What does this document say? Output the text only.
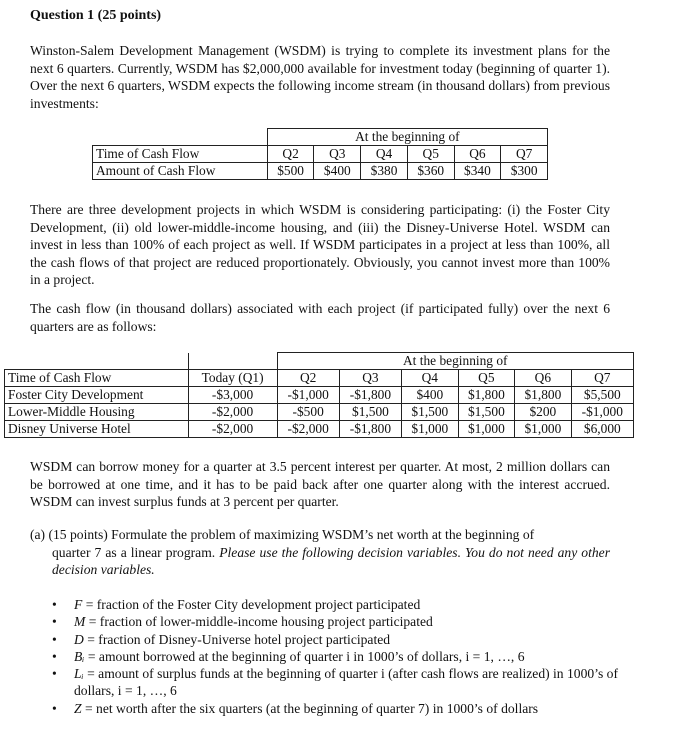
Question 1 (25 points)
Winston-Salem Development Management (WSDM) is trying to complete its investment plans for the next 6 quarters. Currently, WSDM has $2,000,000 available for investment today (beginning of quarter 1). Over the next 6 quarters, WSDM expects the following income stream (in thousand dollars) from previous investments:
	At the beginning of					
Time of Cash Flow	Q2	Q3	Q4	Q5	Q6	Q7
Amount of Cash Flow	$500	$400	$380	$360	$340	$300
There are three development projects in which WSDM is considering participating: (i) the Foster City Development, (ii) old lower-middle-income housing, and (iii) the Disney-Universe Hotel. WSDM can invest in less than 100% of each project as well. If WSDM participates in a project at less than 100%, all the cash flows of that project are reduced proportionately. Obviously, you cannot invest more than 100% in a project.
The cash flow (in thousand dollars) associated with each project (if participated fully) over the next 6 quarters are as follows:
		At the beginning of					
Time of Cash Flow	Today (Q1)	Q2	Q3	Q4	Q5	Q6	Q7
Foster City Development	-$3,000	-$1,000	-$1,800	$400	$1,800	$1,800	$5,500
Lower-Middle Housing	-$2,000	-$500	$1,500	$1,500	$1,500	$200	-$1,000
Disney Universe Hotel	-$2,000	-$2,000	-$1,800	$1,000	$1,000	$1,000	$6,000
WSDM can borrow money for a quarter at 3.5 percent interest per quarter. At most, 2 million dollars can be borrowed at one time, and it has to be paid back after one quarter along with the interest accrued. WSDM can invest surplus funds at 3 percent per quarter.
(a) (15 points) Formulate the problem of maximizing WSDM’s net worth at the beginning of
quarter 7 as a linear program. Please use the following decision variables. You do not need any other decision variables.
• F = fraction of the Foster City development project participated
• M = fraction of lower-middle-income housing project participated
• D = fraction of Disney-Universe hotel project participated
• Bᵢ = amount borrowed at the beginning of quarter i in 1000’s of dollars, i = 1, …, 6
• Lᵢ = amount of surplus funds at the beginning of quarter i (after cash flows are realized) in 1000’s of dollars, i = 1, …, 6
• Z = net worth after the six quarters (at the beginning of quarter 7) in 1000’s of dollars
